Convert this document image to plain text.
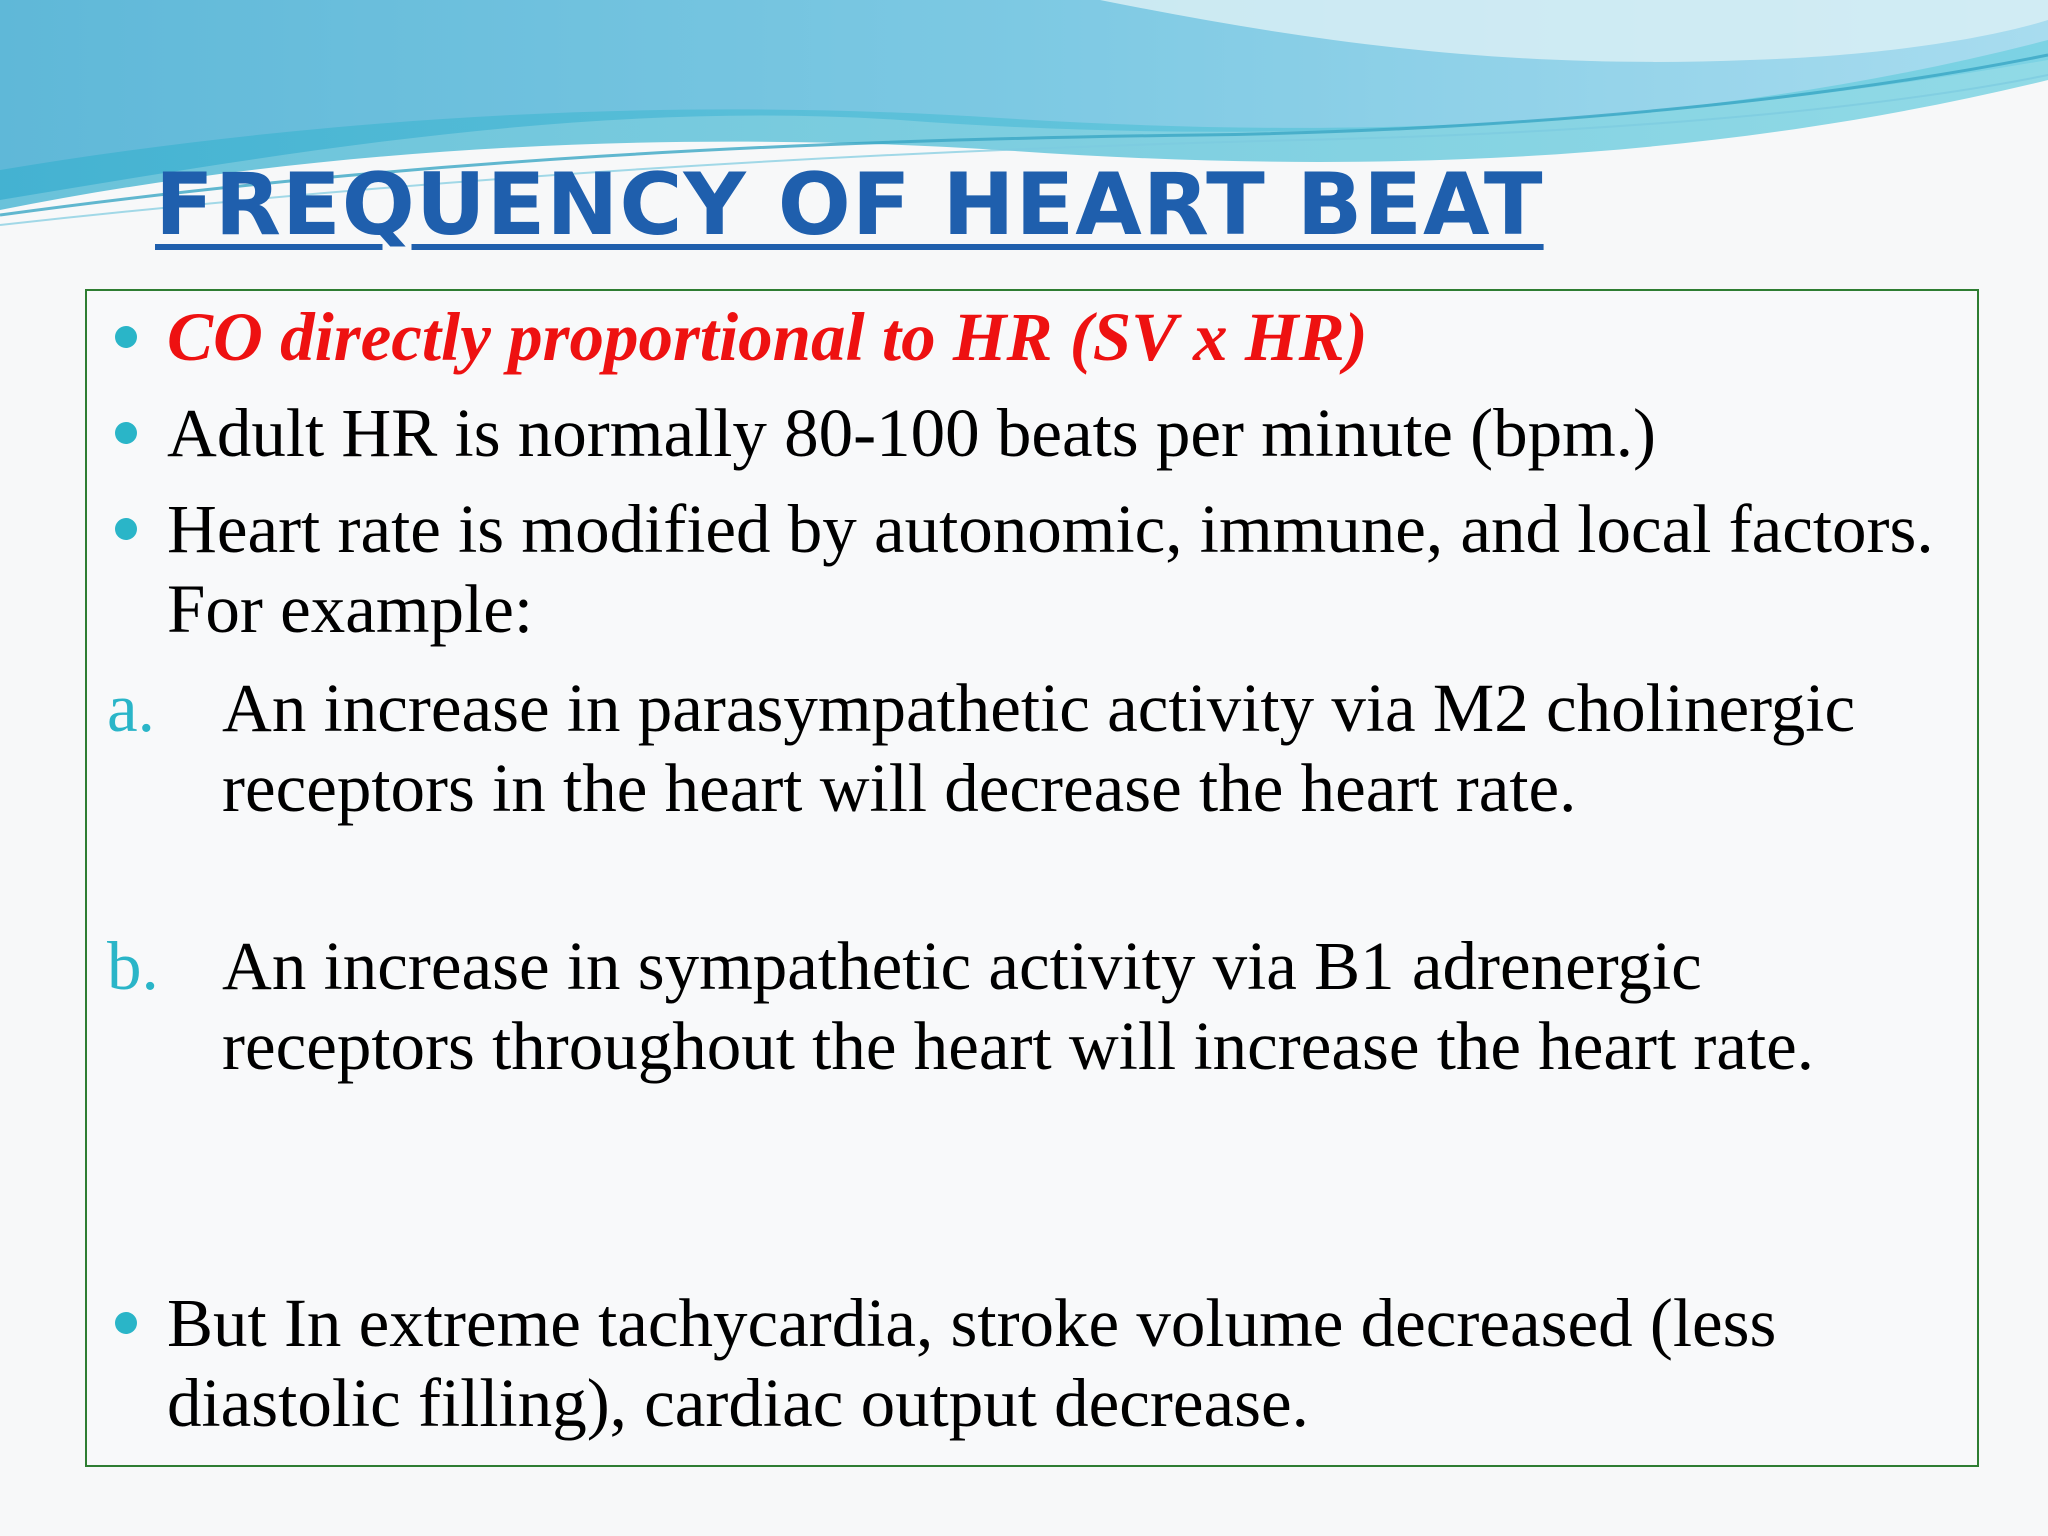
FREQUENCY OF HEART BEAT

CO directly proportional to HR (SV x HR)

Adult HR is normally 80-100 beats per minute (bpm.)

Heart rate is modified by autonomic, immune, and local factors. For example:

a. An increase in parasympathetic activity via M2 cholinergic receptors in the heart will decrease the heart rate.

b. An increase in sympathetic activity via B1 adrenergic receptors throughout the heart will increase the heart rate.

But In extreme tachycardia, stroke volume decreased (less diastolic filling), cardiac output decrease.
